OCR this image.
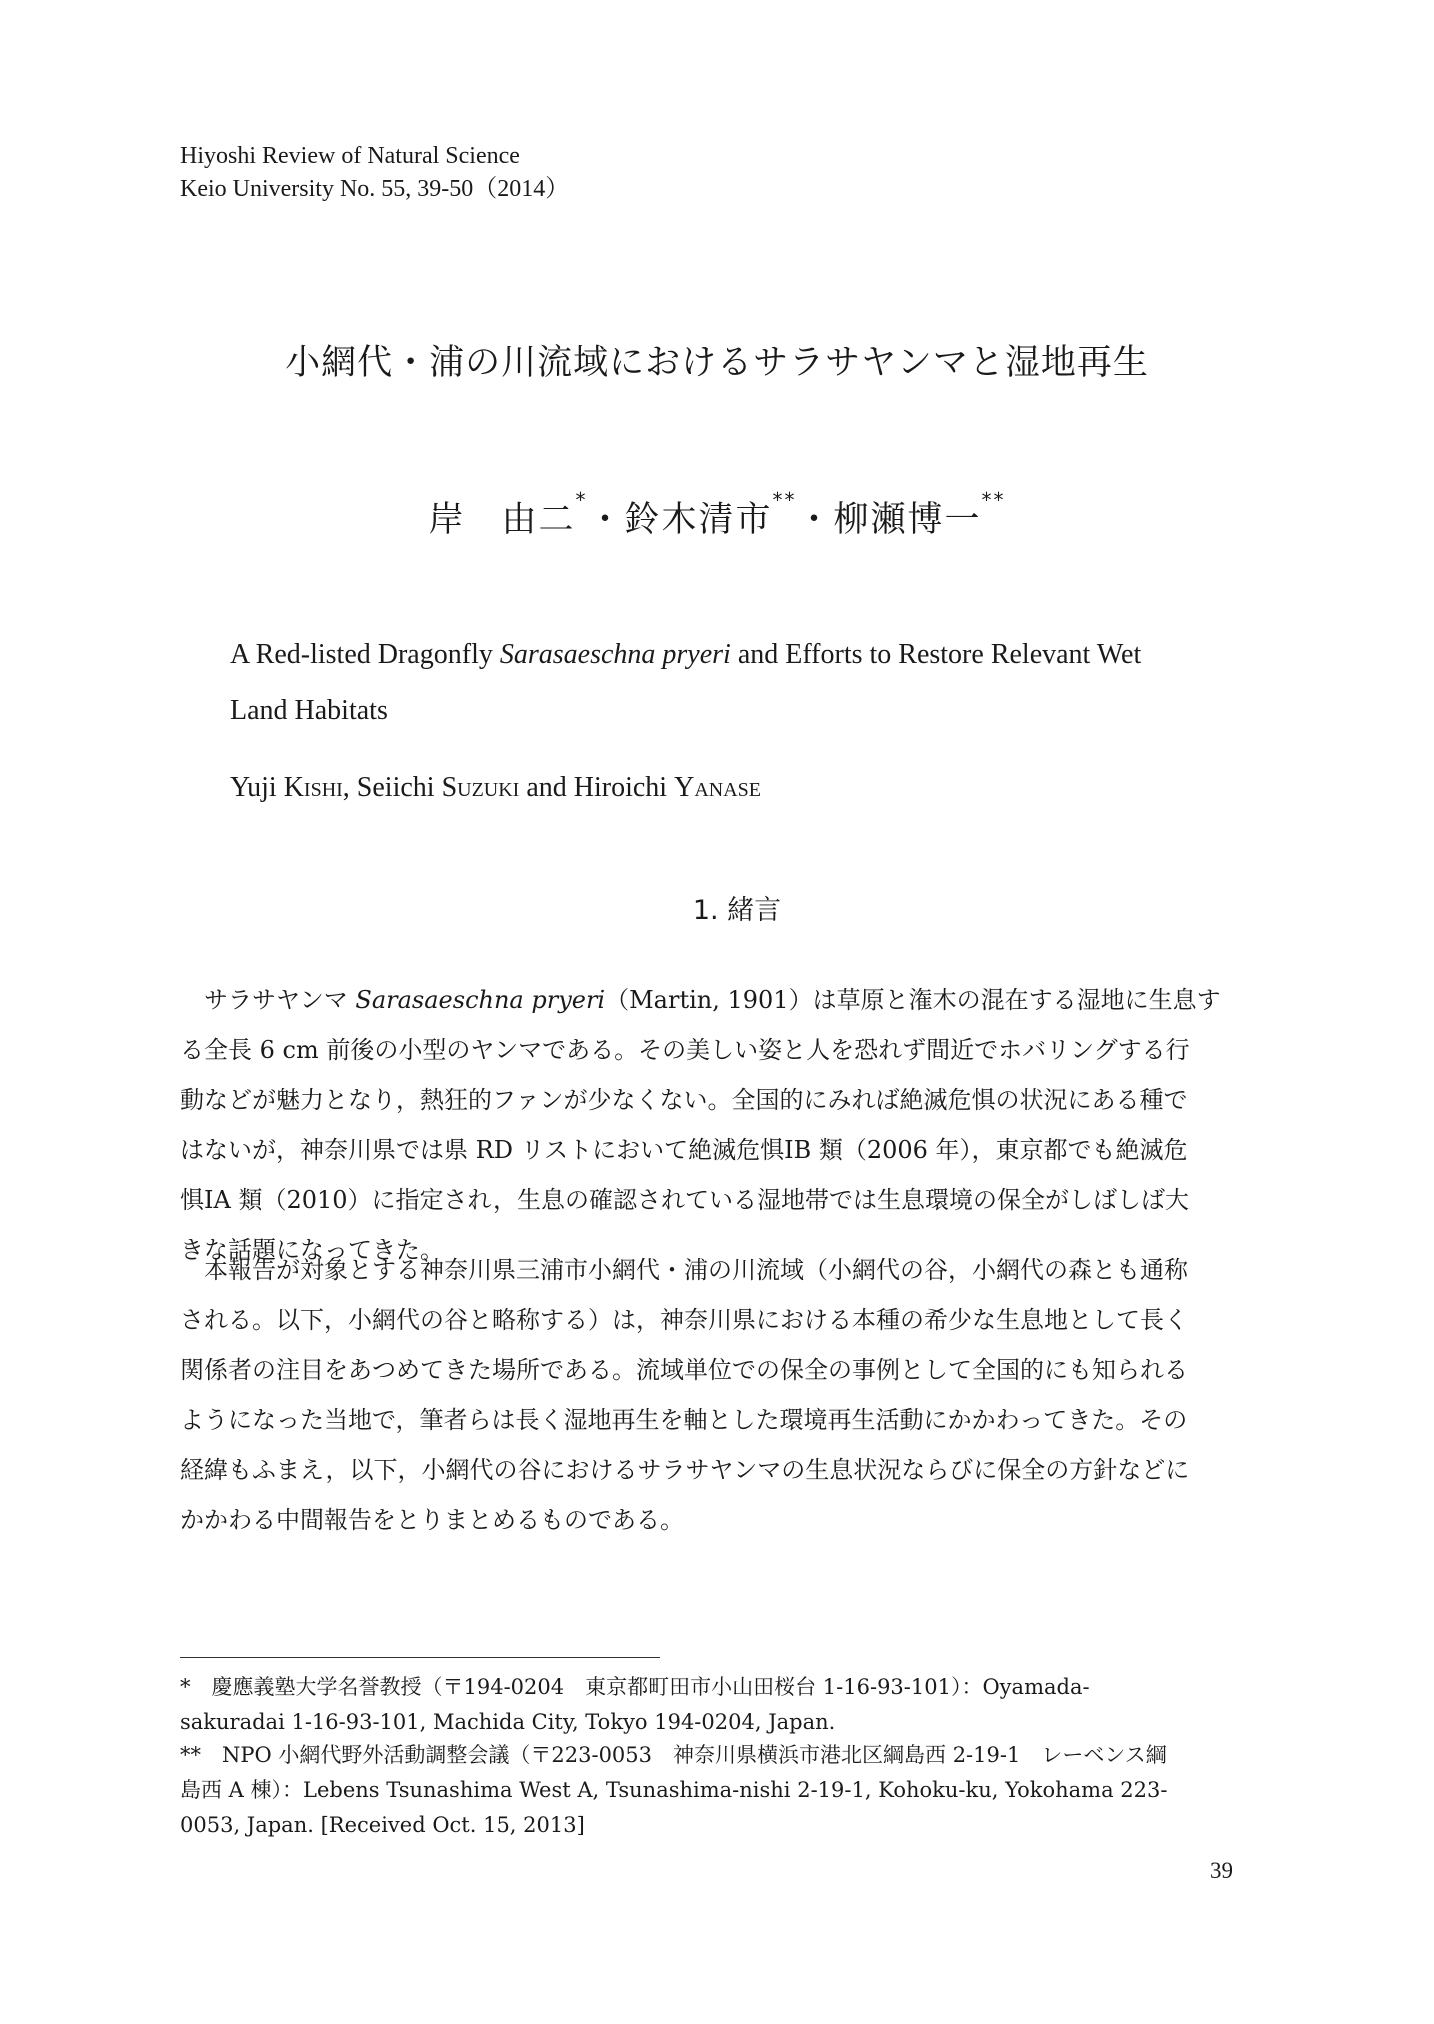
Hiyoshi Review of Natural Science
Keio University No. 55, 39-50（2014）
小網代・浦の川流域におけるサラサヤンマと湿地再生
岸 由二*・鈴木清市**・柳瀬博一**
A Red-listed Dragonfly Sarasaeschna pryeri and Efforts to Restore Relevant Wet
Land Habitats
Yuji Kishi, Seiichi Suzuki and Hiroichi Yanase
1. 緒言
　サラサヤンマ Sarasaeschna pryeri（Martin, 1901）は草原と潅木の混在する湿地に生息す
る全長 6 cm 前後の小型のヤンマである。その美しい姿と人を恐れず間近でホバリングする行
動などが魅力となり，熱狂的ファンが少なくない。全国的にみれば絶滅危惧の状況にある種で
はないが，神奈川県では県 RD リストにおいて絶滅危惧ⅠB 類（2006 年），東京都でも絶滅危
惧ⅠA 類（2010）に指定され，生息の確認されている湿地帯では生息環境の保全がしばしば大
きな話題になってきた。
　本報告が対象とする神奈川県三浦市小網代・浦の川流域（小網代の谷，小網代の森とも通称
される。以下，小網代の谷と略称する）は，神奈川県における本種の希少な生息地として長く
関係者の注目をあつめてきた場所である。流域単位での保全の事例として全国的にも知られる
ようになった当地で，筆者らは長く湿地再生を軸とした環境再生活動にかかわってきた。その
経緯もふまえ，以下，小網代の谷におけるサラサヤンマの生息状況ならびに保全の方針などに
かかわる中間報告をとりまとめるものである。
*　慶應義塾大学名誉教授（〒194-0204　東京都町田市小山田桜台 1-16-93-101）：Oyamada-
sakuradai 1-16-93-101, Machida City, Tokyo 194-0204, Japan.
**　NPO 小網代野外活動調整会議（〒223-0053　神奈川県横浜市港北区綱島西 2-19-1　レーベンス綱
島西 A 棟）：Lebens Tsunashima West A, Tsunashima-nishi 2-19-1, Kohoku-ku, Yokohama 223-
0053, Japan. [Received Oct. 15, 2013]
39
